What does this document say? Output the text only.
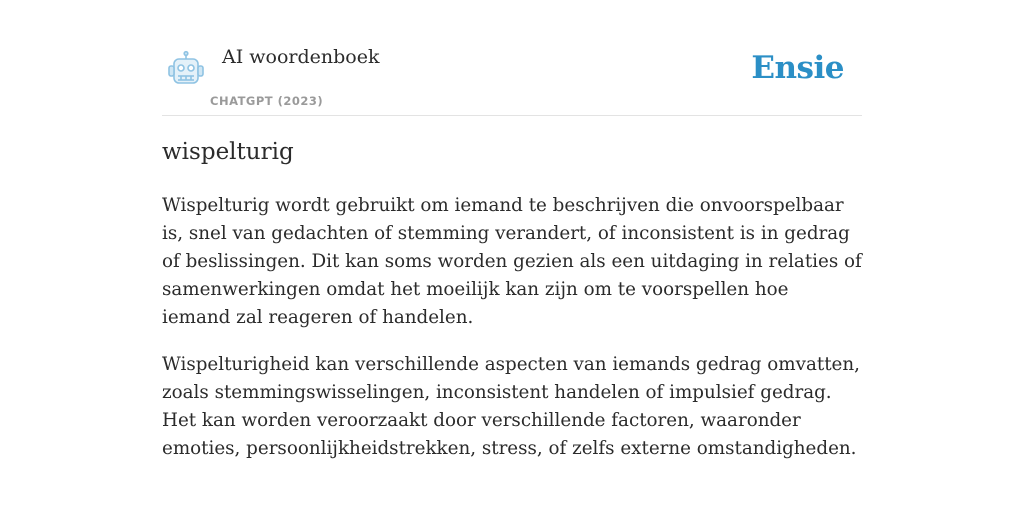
AI woordenboek
CHATGPT (2023)
Ensie
wispelturig

Wispelturig wordt gebruikt om iemand te beschrijven die onvoorspelbaar is, snel van gedachten of stemming verandert, of inconsistent is in gedrag of beslissingen. Dit kan soms worden gezien als een uitdaging in relaties of samenwerkingen omdat het moeilijk kan zijn om te voorspellen hoe iemand zal reageren of handelen.

Wispelturigheid kan verschillende aspecten van iemands gedrag omvatten, zoals stemmingswisselingen, inconsistent handelen of impulsief gedrag. Het kan worden veroorzaakt door verschillende factoren, waaronder emoties, persoonlijkheidstrekken, stress, of zelfs externe omstandigheden.
